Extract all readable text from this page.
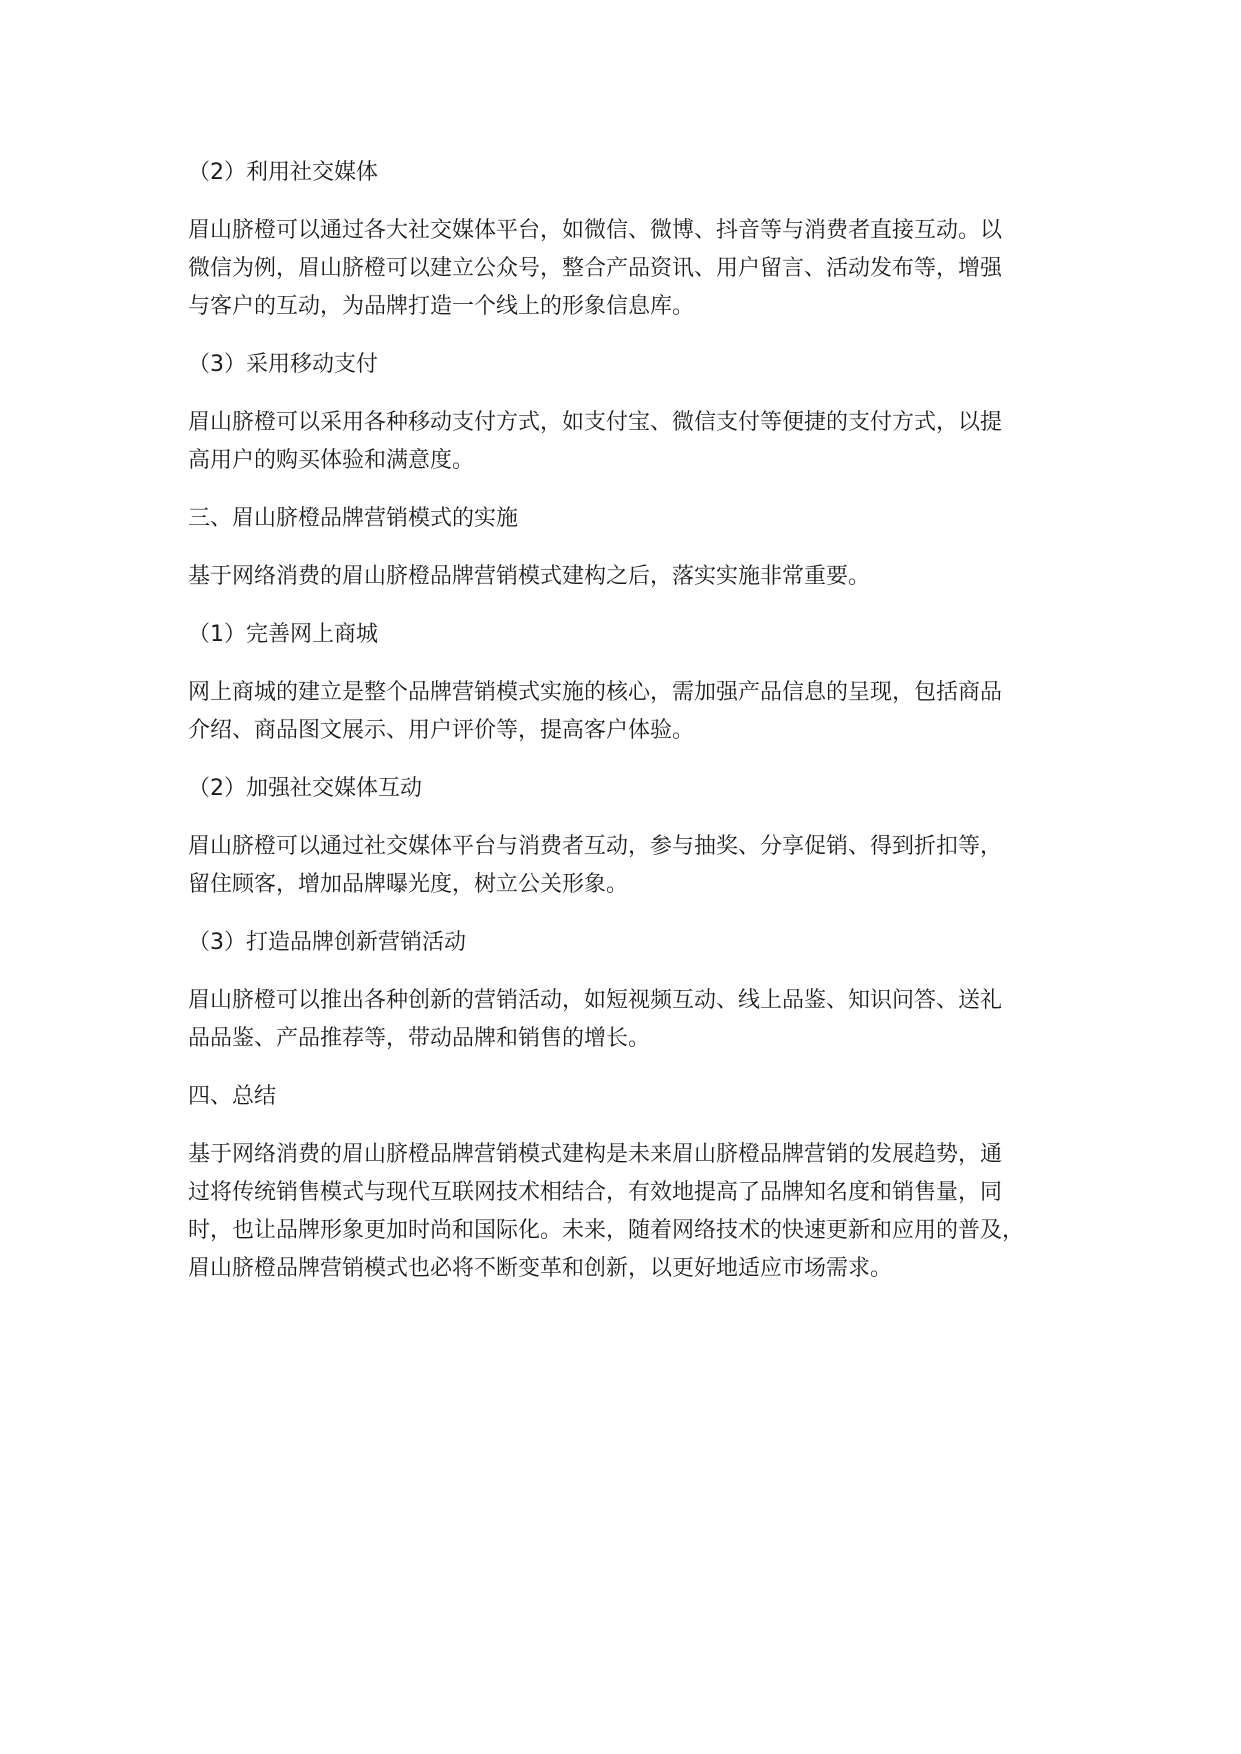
（2）利用社交媒体

眉山脐橙可以通过各大社交媒体平台，如微信、微博、抖音等与消费者直接互动。以
微信为例，眉山脐橙可以建立公众号，整合产品资讯、用户留言、活动发布等，增强
与客户的互动，为品牌打造一个线上的形象信息库。

（3）采用移动支付

眉山脐橙可以采用各种移动支付方式，如支付宝、微信支付等便捷的支付方式，以提
高用户的购买体验和满意度。

三、眉山脐橙品牌营销模式的实施

基于网络消费的眉山脐橙品牌营销模式建构之后，落实实施非常重要。

（1）完善网上商城

网上商城的建立是整个品牌营销模式实施的核心，需加强产品信息的呈现，包括商品
介绍、商品图文展示、用户评价等，提高客户体验。

（2）加强社交媒体互动

眉山脐橙可以通过社交媒体平台与消费者互动，参与抽奖、分享促销、得到折扣等，
留住顾客，增加品牌曝光度，树立公关形象。

（3）打造品牌创新营销活动

眉山脐橙可以推出各种创新的营销活动，如短视频互动、线上品鉴、知识问答、送礼
品品鉴、产品推荐等，带动品牌和销售的增长。

四、总结

基于网络消费的眉山脐橙品牌营销模式建构是未来眉山脐橙品牌营销的发展趋势，通
过将传统销售模式与现代互联网技术相结合，有效地提高了品牌知名度和销售量，同
时，也让品牌形象更加时尚和国际化。未来，随着网络技术的快速更新和应用的普及，
眉山脐橙品牌营销模式也必将不断变革和创新，以更好地适应市场需求。
